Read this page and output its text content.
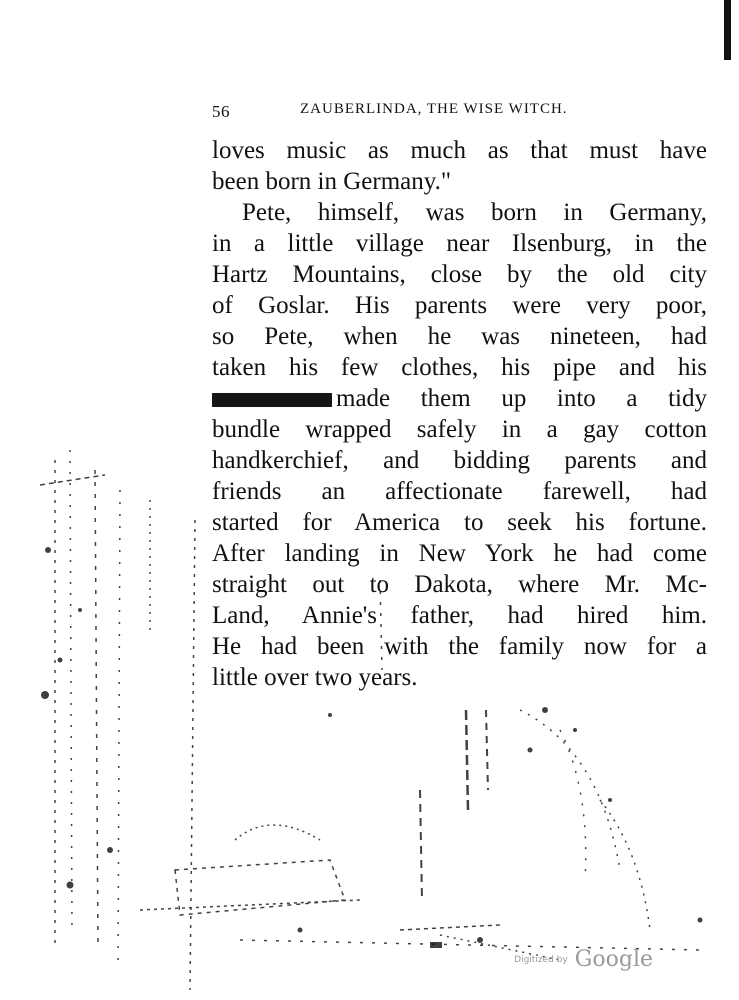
56	ZAUBERLINDA, THE WISE WITCH.
loves music as much as that must have
been born in Germany."
Pete, himself, was born in Germany,
in a little village near Ilsenburg, in the
Hartz Mountains, close by the old city
of Goslar. His parents were very poor,
so Pete, when he was nineteen, had
taken his few clothes, his pipe and his
made them up into a tidy
bundle wrapped safely in a gay cotton
handkerchief, and bidding parents and
friends an affectionate farewell, had
started for America to seek his fortune.
After landing in New York he had come
straight out to Dakota, where Mr. Mc-
Land, Annie's father, had hired him.
He had been with the family now for a
little over two years.
Digitized by Google
